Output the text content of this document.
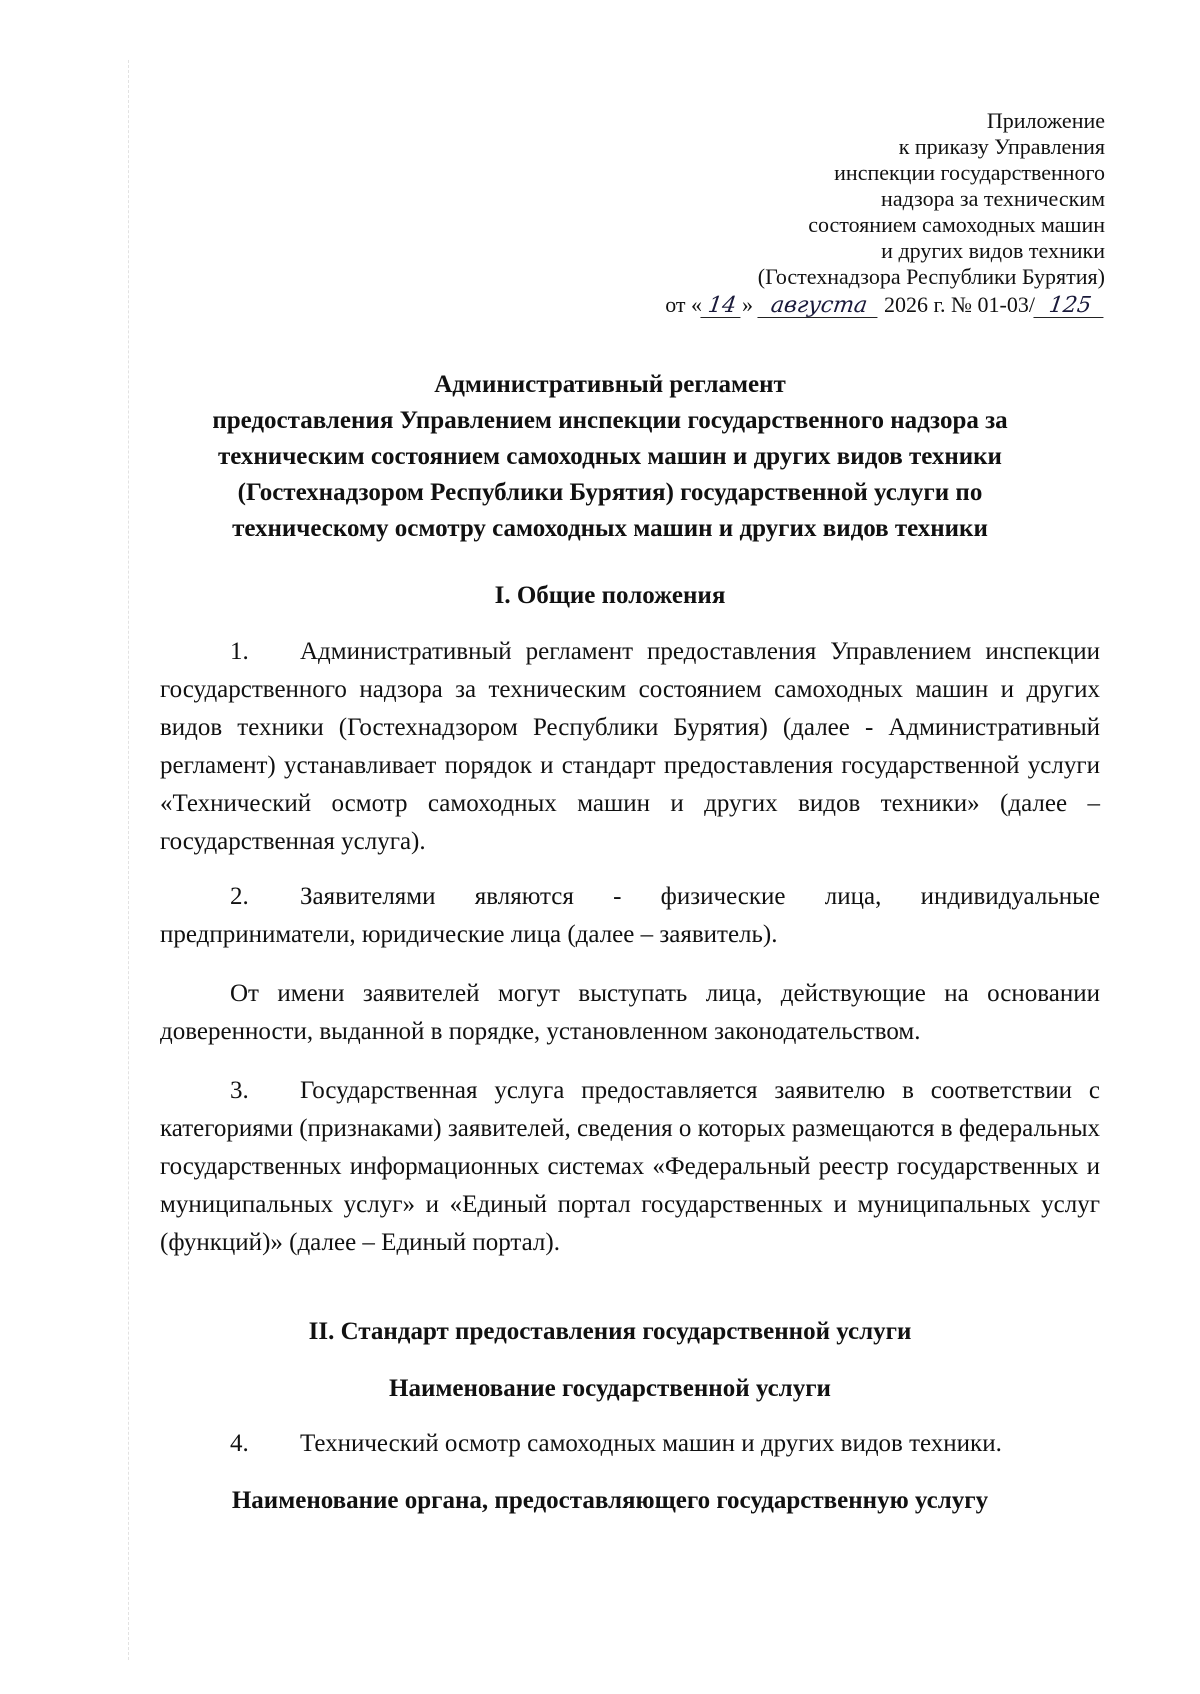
Приложение
к приказу Управления
инспекции государственного
надзора за техническим
состоянием самоходных машин
и других видов техники
(Гостехнадзора Республики Бурятия)
от « 14 » августа 2026 г. № 01-03/ 125
Административный регламент
предоставления Управлением инспекции государственного надзора за
техническим состоянием самоходных машин и других видов техники
(Гостехнадзором Республики Бурятия) государственной услуги по
техническому осмотру самоходных машин и других видов техники
I. Общие положения
1. Административный регламент предоставления Управлением инспекции государственного надзора за техническим состоянием самоходных машин и других видов техники (Гостехнадзором Республики Бурятия) (далее - Административный регламент) устанавливает порядок и стандарт предоставления государственной услуги «Технический осмотр самоходных машин и других видов техники» (далее – государственная услуга).
2. Заявителями являются - физические лица, индивидуальные предприниматели, юридические лица (далее – заявитель).
От имени заявителей могут выступать лица, действующие на основании доверенности, выданной в порядке, установленном законодательством.
3. Государственная услуга предоставляется заявителю в соответствии с категориями (признаками) заявителей, сведения о которых размещаются в федеральных государственных информационных системах «Федеральный реестр государственных и муниципальных услуг» и «Единый портал государственных и муниципальных услуг (функций)» (далее – Единый портал).
II. Стандарт предоставления государственной услуги
Наименование государственной услуги
4. Технический осмотр самоходных машин и других видов техники.
Наименование органа, предоставляющего государственную услугу
